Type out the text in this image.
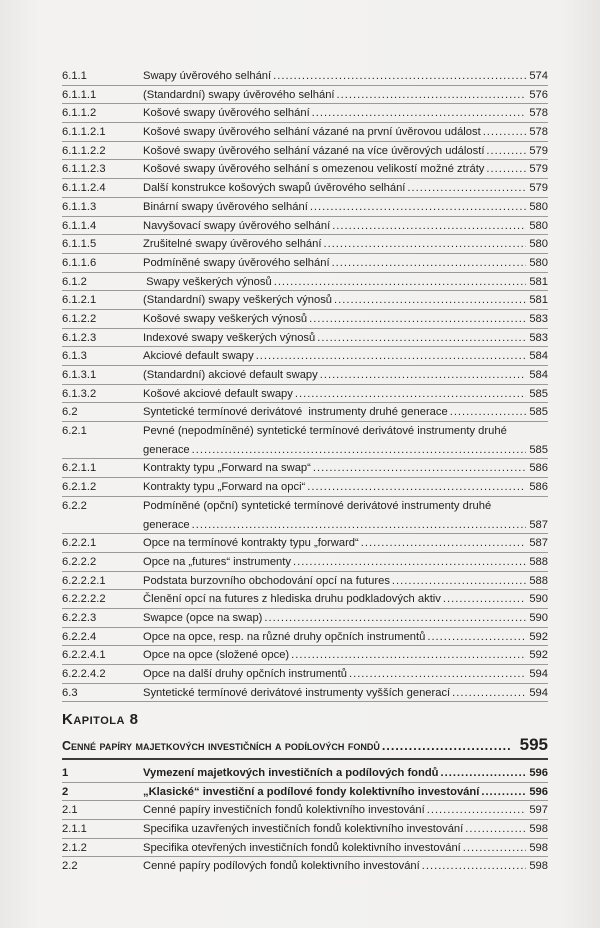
6.1.1	Swapy úvěrového selhání .....	574
6.1.1.1	(Standardní) swapy úvěrového selhání .....	576
6.1.1.2	Košové swapy úvěrového selhání .....	578
6.1.1.2.1	Košové swapy úvěrového selhání vázané na první úvěrovou událost .....	578
6.1.1.2.2	Košové swapy úvěrového selhání vázané na více úvěrových událostí .....	579
6.1.1.2.3	Košové swapy úvěrového selhání s omezenou velikostí možné ztráty .....	579
6.1.1.2.4	Další konstrukce košových swapů úvěrového selhání .....	579
6.1.1.3	Binární swapy úvěrového selhání .....	580
6.1.1.4	Navyšovací swapy úvěrového selhání .....	580
6.1.1.5	Zrušitelné swapy úvěrového selhání .....	580
6.1.1.6	Podmíněné swapy úvěrového selhání .....	580
6.1.2	Swapy veškerých výnosů .....	581
6.1.2.1	(Standardní) swapy veškerých výnosů .....	581
6.1.2.2	Košové swapy veškerých výnosů .....	583
6.1.2.3	Indexové swapy veškerých výnosů .....	583
6.1.3	Akciové default swapy .....	584
6.1.3.1	(Standardní) akciové default swapy .....	584
6.1.3.2	Košové akciové default swapy .....	585
6.2	Syntetické termínové derivátové  instrumenty druhé generace .....	585
6.2.1	Pevné (nepodmíněné) syntetické termínové derivátové instrumenty druhé
generace .....	585
6.2.1.1	Kontrakty typu „Forward na swap“ .....	586
6.2.1.2	Kontrakty typu „Forward na opci“ .....	586
6.2.2	Podmíněné (opční) syntetické termínové derivátové instrumenty druhé
generace .....	587
6.2.2.1	Opce na termínové kontrakty typu „forward“ .....	587
6.2.2.2	Opce na „futures“ instrumenty .....	588
6.2.2.2.1	Podstata burzovního obchodování opcí na futures .....	588
6.2.2.2.2	Členění opcí na futures z hlediska druhu podkladových aktiv .....	590
6.2.2.3	Swapce (opce na swap) .....	590
6.2.2.4	Opce na opce, resp. na různé druhy opčních instrumentů .....	592
6.2.2.4.1	Opce na opce (složené opce) .....	592
6.2.2.4.2	Opce na další druhy opčních instrumentů .....	594
6.3	Syntetické termínové derivátové instrumenty vyšších generací .....	594
Kapitola 8
Cenné papíry majetkových investičních a podílových fondů .....	595
1	Vymezení majetkových investičních a podílových fondů .....	596
2	„Klasické“ investiční a podílové fondy kolektivního investování .....	596
2.1	Cenné papíry investičních fondů kolektivního investování .....	597
2.1.1	Specifika uzavřených investičních fondů kolektivního investování .....	598
2.1.2	Specifika otevřených investičních fondů kolektivního investování .....	598
2.2	Cenné papíry podílových fondů kolektivního investování .....	598
